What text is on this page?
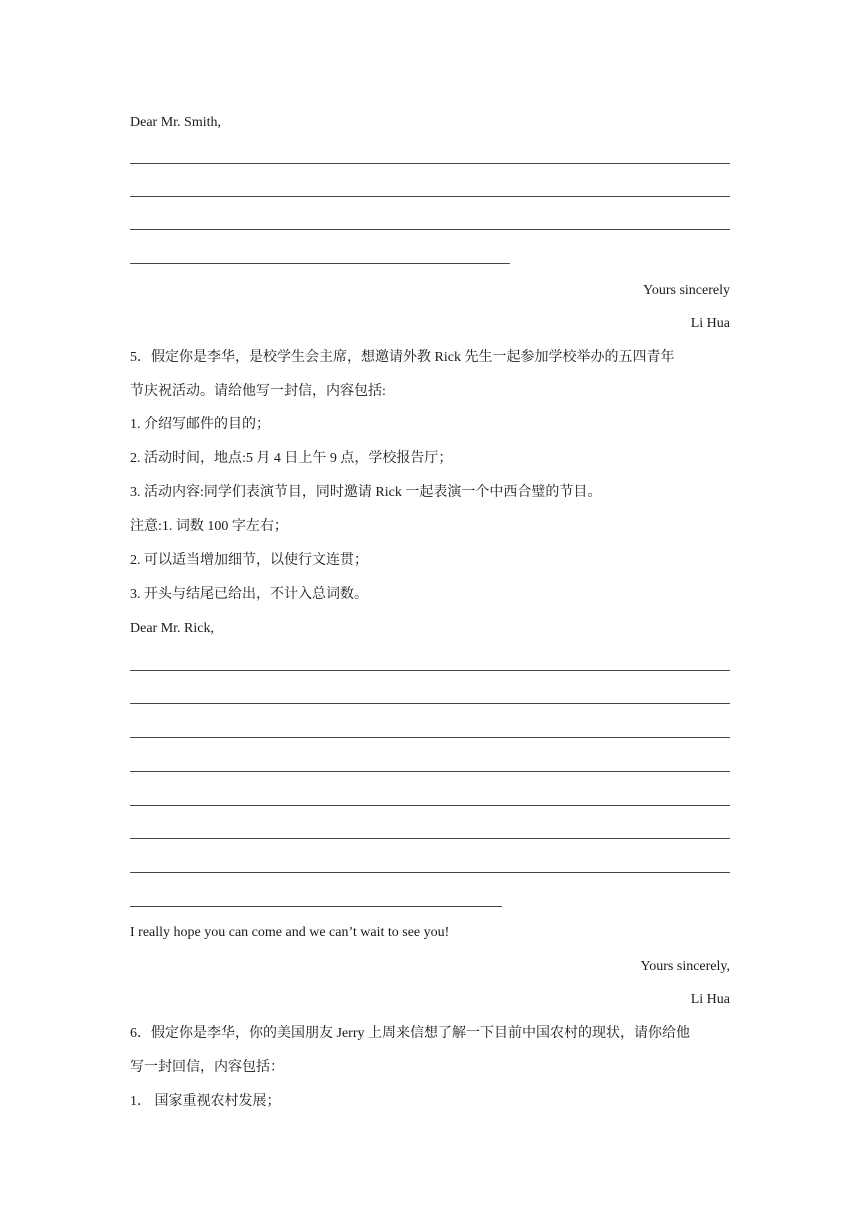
Dear Mr. Smith,
Yours sincerely
Li Hua
5．假定你是李华，是校学生会主席，想邀请外教 Rick 先生一起参加学校举办的五四青年
节庆祝活动。请给他写一封信，内容包括:
1. 介绍写邮件的目的；
2. 活动时间，地点:5 月 4 日上午 9 点，学校报告厅；
3. 活动内容:同学们表演节目，同时邀请 Rick 一起表演一个中西合璧的节目。
注意:1. 词数 100 字左右；
2. 可以适当增加细节，以使行文连贯；
3. 开头与结尾已给出，不计入总词数。
Dear Mr. Rick,
I really hope you can come and we can’t wait to see you!
Yours sincerely,
Li Hua
6．假定你是李华，你的美国朋友 Jerry 上周来信想了解一下目前中国农村的现状，请你给他
写一封回信，内容包括：
1． 国家重视农村发展；
